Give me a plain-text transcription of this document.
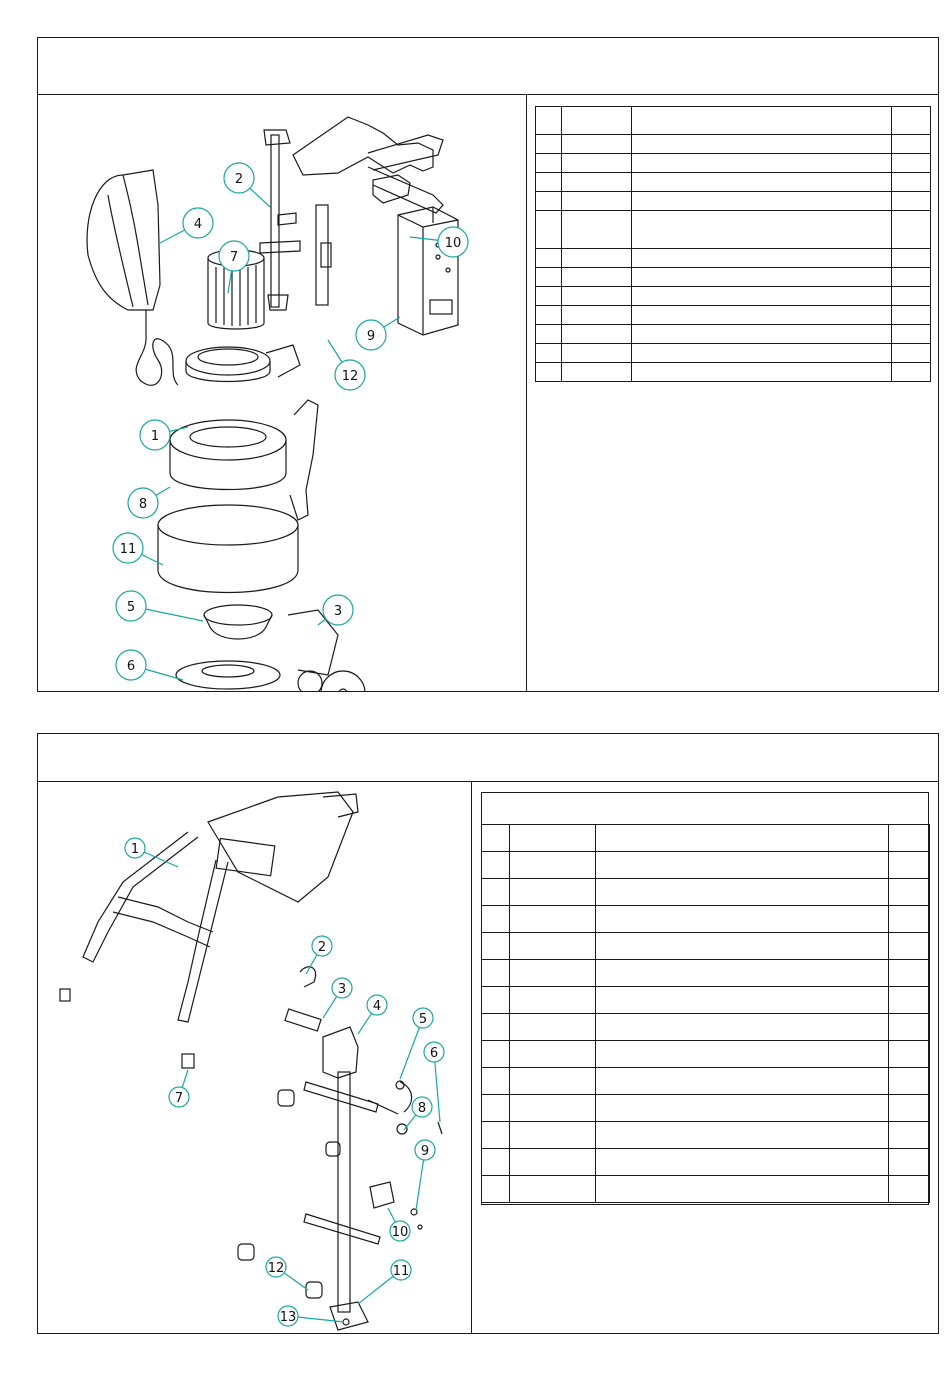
1
2
3
4
5
6
7
8
9
10
11
12

1
2
3
4
5
6
7
8
9
10
11
12
13
